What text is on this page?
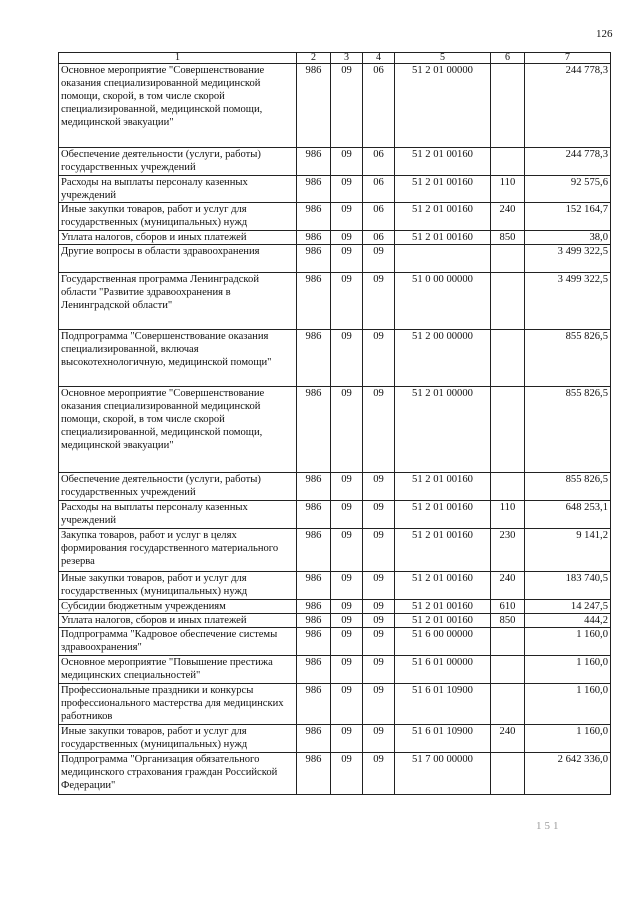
126
1	2	3	4	5	6	7
Основное мероприятие "Совершенствование оказания специализированной медицинской помощи, скорой, в том числе скорой специализированной, медицинской помощи, медицинской эвакуации"	986	09	06	51 2 01 00000		244 778,3
Обеспечение деятельности (услуги, работы) государственных учреждений	986	09	06	51 2 01 00160		244 778,3
Расходы на выплаты персоналу казенных учреждений	986	09	06	51 2 01 00160	110	92 575,6
Иные закупки товаров, работ и услуг для государственных (муниципальных) нужд	986	09	06	51 2 01 00160	240	152 164,7
Уплата налогов, сборов и иных платежей	986	09	06	51 2 01 00160	850	38,0
Другие вопросы в области здравоохранения	986	09	09			3 499 322,5
Государственная программа Ленинградской области "Развитие здравоохранения в Ленинградской области"	986	09	09	51 0 00 00000		3 499 322,5
Подпрограмма "Совершенствование оказания специализированной, включая высокотехнологичную, медицинской помощи"	986	09	09	51 2 00 00000		855 826,5
Основное мероприятие "Совершенствование оказания специализированной медицинской помощи, скорой, в том числе скорой специализированной, медицинской помощи, медицинской эвакуации"	986	09	09	51 2 01 00000		855 826,5
Обеспечение деятельности (услуги, работы) государственных учреждений	986	09	09	51 2 01 00160		855 826,5
Расходы на выплаты персоналу казенных учреждений	986	09	09	51 2 01 00160	110	648 253,1
Закупка товаров, работ и услуг в целях формирования государственного материального резерва	986	09	09	51 2 01 00160	230	9 141,2
Иные закупки товаров, работ и услуг для государственных (муниципальных) нужд	986	09	09	51 2 01 00160	240	183 740,5
Субсидии бюджетным учреждениям	986	09	09	51 2 01 00160	610	14 247,5
Уплата налогов, сборов и иных платежей	986	09	09	51 2 01 00160	850	444,2
Подпрограмма "Кадровое обеспечение системы здравоохранения"	986	09	09	51 6 00 00000		1 160,0
Основное мероприятие "Повышение престижа медицинских специальностей"	986	09	09	51 6 01 00000		1 160,0
Профессиональные праздники и конкурсы профессионального мастерства для медицинских работников	986	09	09	51 6 01 10900		1 160,0
Иные закупки товаров, работ и услуг для государственных (муниципальных) нужд	986	09	09	51 6 01 10900	240	1 160,0
Подпрограмма "Организация обязательного медицинского страхования граждан Российской Федерации"	986	09	09	51 7 00 00000		2 642 336,0
151
